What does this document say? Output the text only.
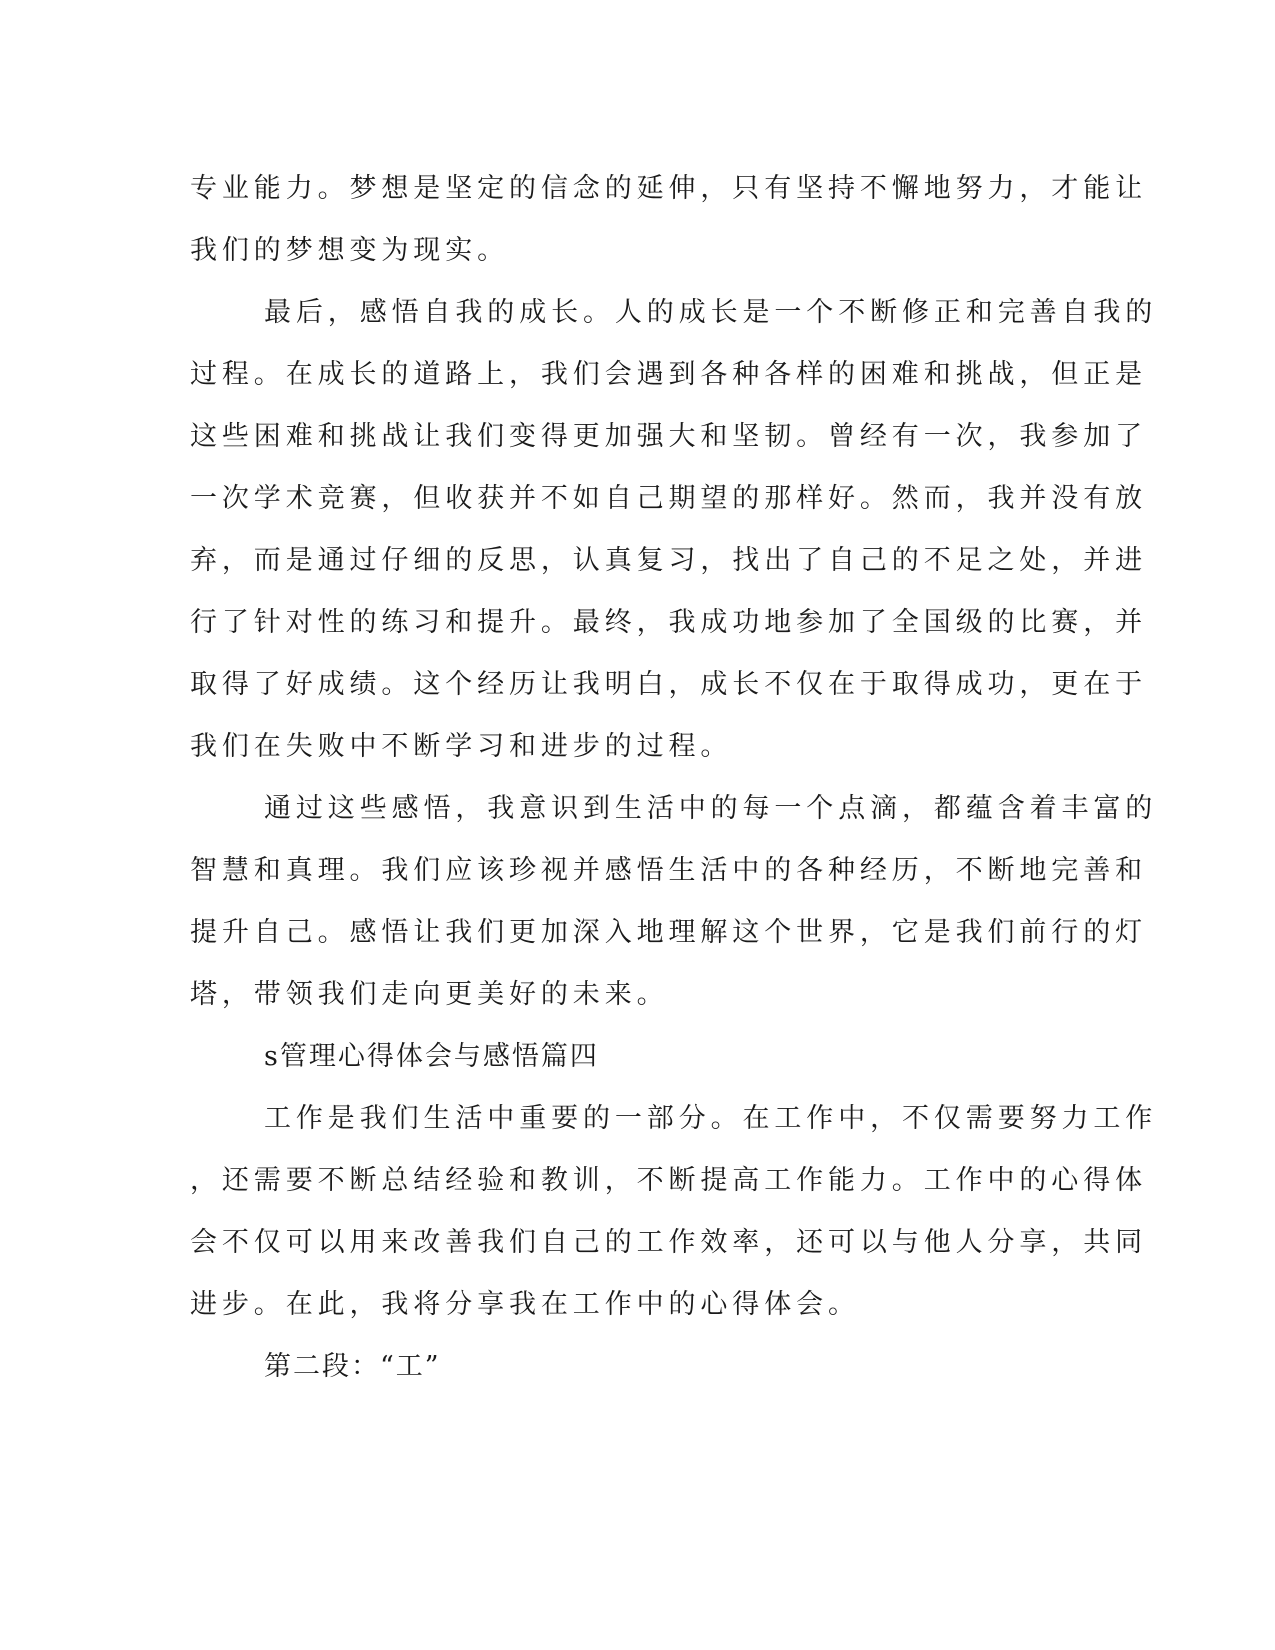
专业能力。梦想是坚定的信念的延伸，只有坚持不懈地努力，才能让
我们的梦想变为现实。
最后，感悟自我的成长。人的成长是一个不断修正和完善自我的
过程。在成长的道路上，我们会遇到各种各样的困难和挑战，但正是
这些困难和挑战让我们变得更加强大和坚韧。曾经有一次，我参加了
一次学术竞赛，但收获并不如自己期望的那样好。然而，我并没有放
弃，而是通过仔细的反思，认真复习，找出了自己的不足之处，并进
行了针对性的练习和提升。最终，我成功地参加了全国级的比赛，并
取得了好成绩。这个经历让我明白，成长不仅在于取得成功，更在于
我们在失败中不断学习和进步的过程。
通过这些感悟，我意识到生活中的每一个点滴，都蕴含着丰富的
智慧和真理。我们应该珍视并感悟生活中的各种经历，不断地完善和
提升自己。感悟让我们更加深入地理解这个世界，它是我们前行的灯
塔，带领我们走向更美好的未来。
s管理心得体会与感悟篇四
工作是我们生活中重要的一部分。在工作中，不仅需要努力工作
，还需要不断总结经验和教训，不断提高工作能力。工作中的心得体
会不仅可以用来改善我们自己的工作效率，还可以与他人分享，共同
进步。在此，我将分享我在工作中的心得体会。
第二段：“工”
